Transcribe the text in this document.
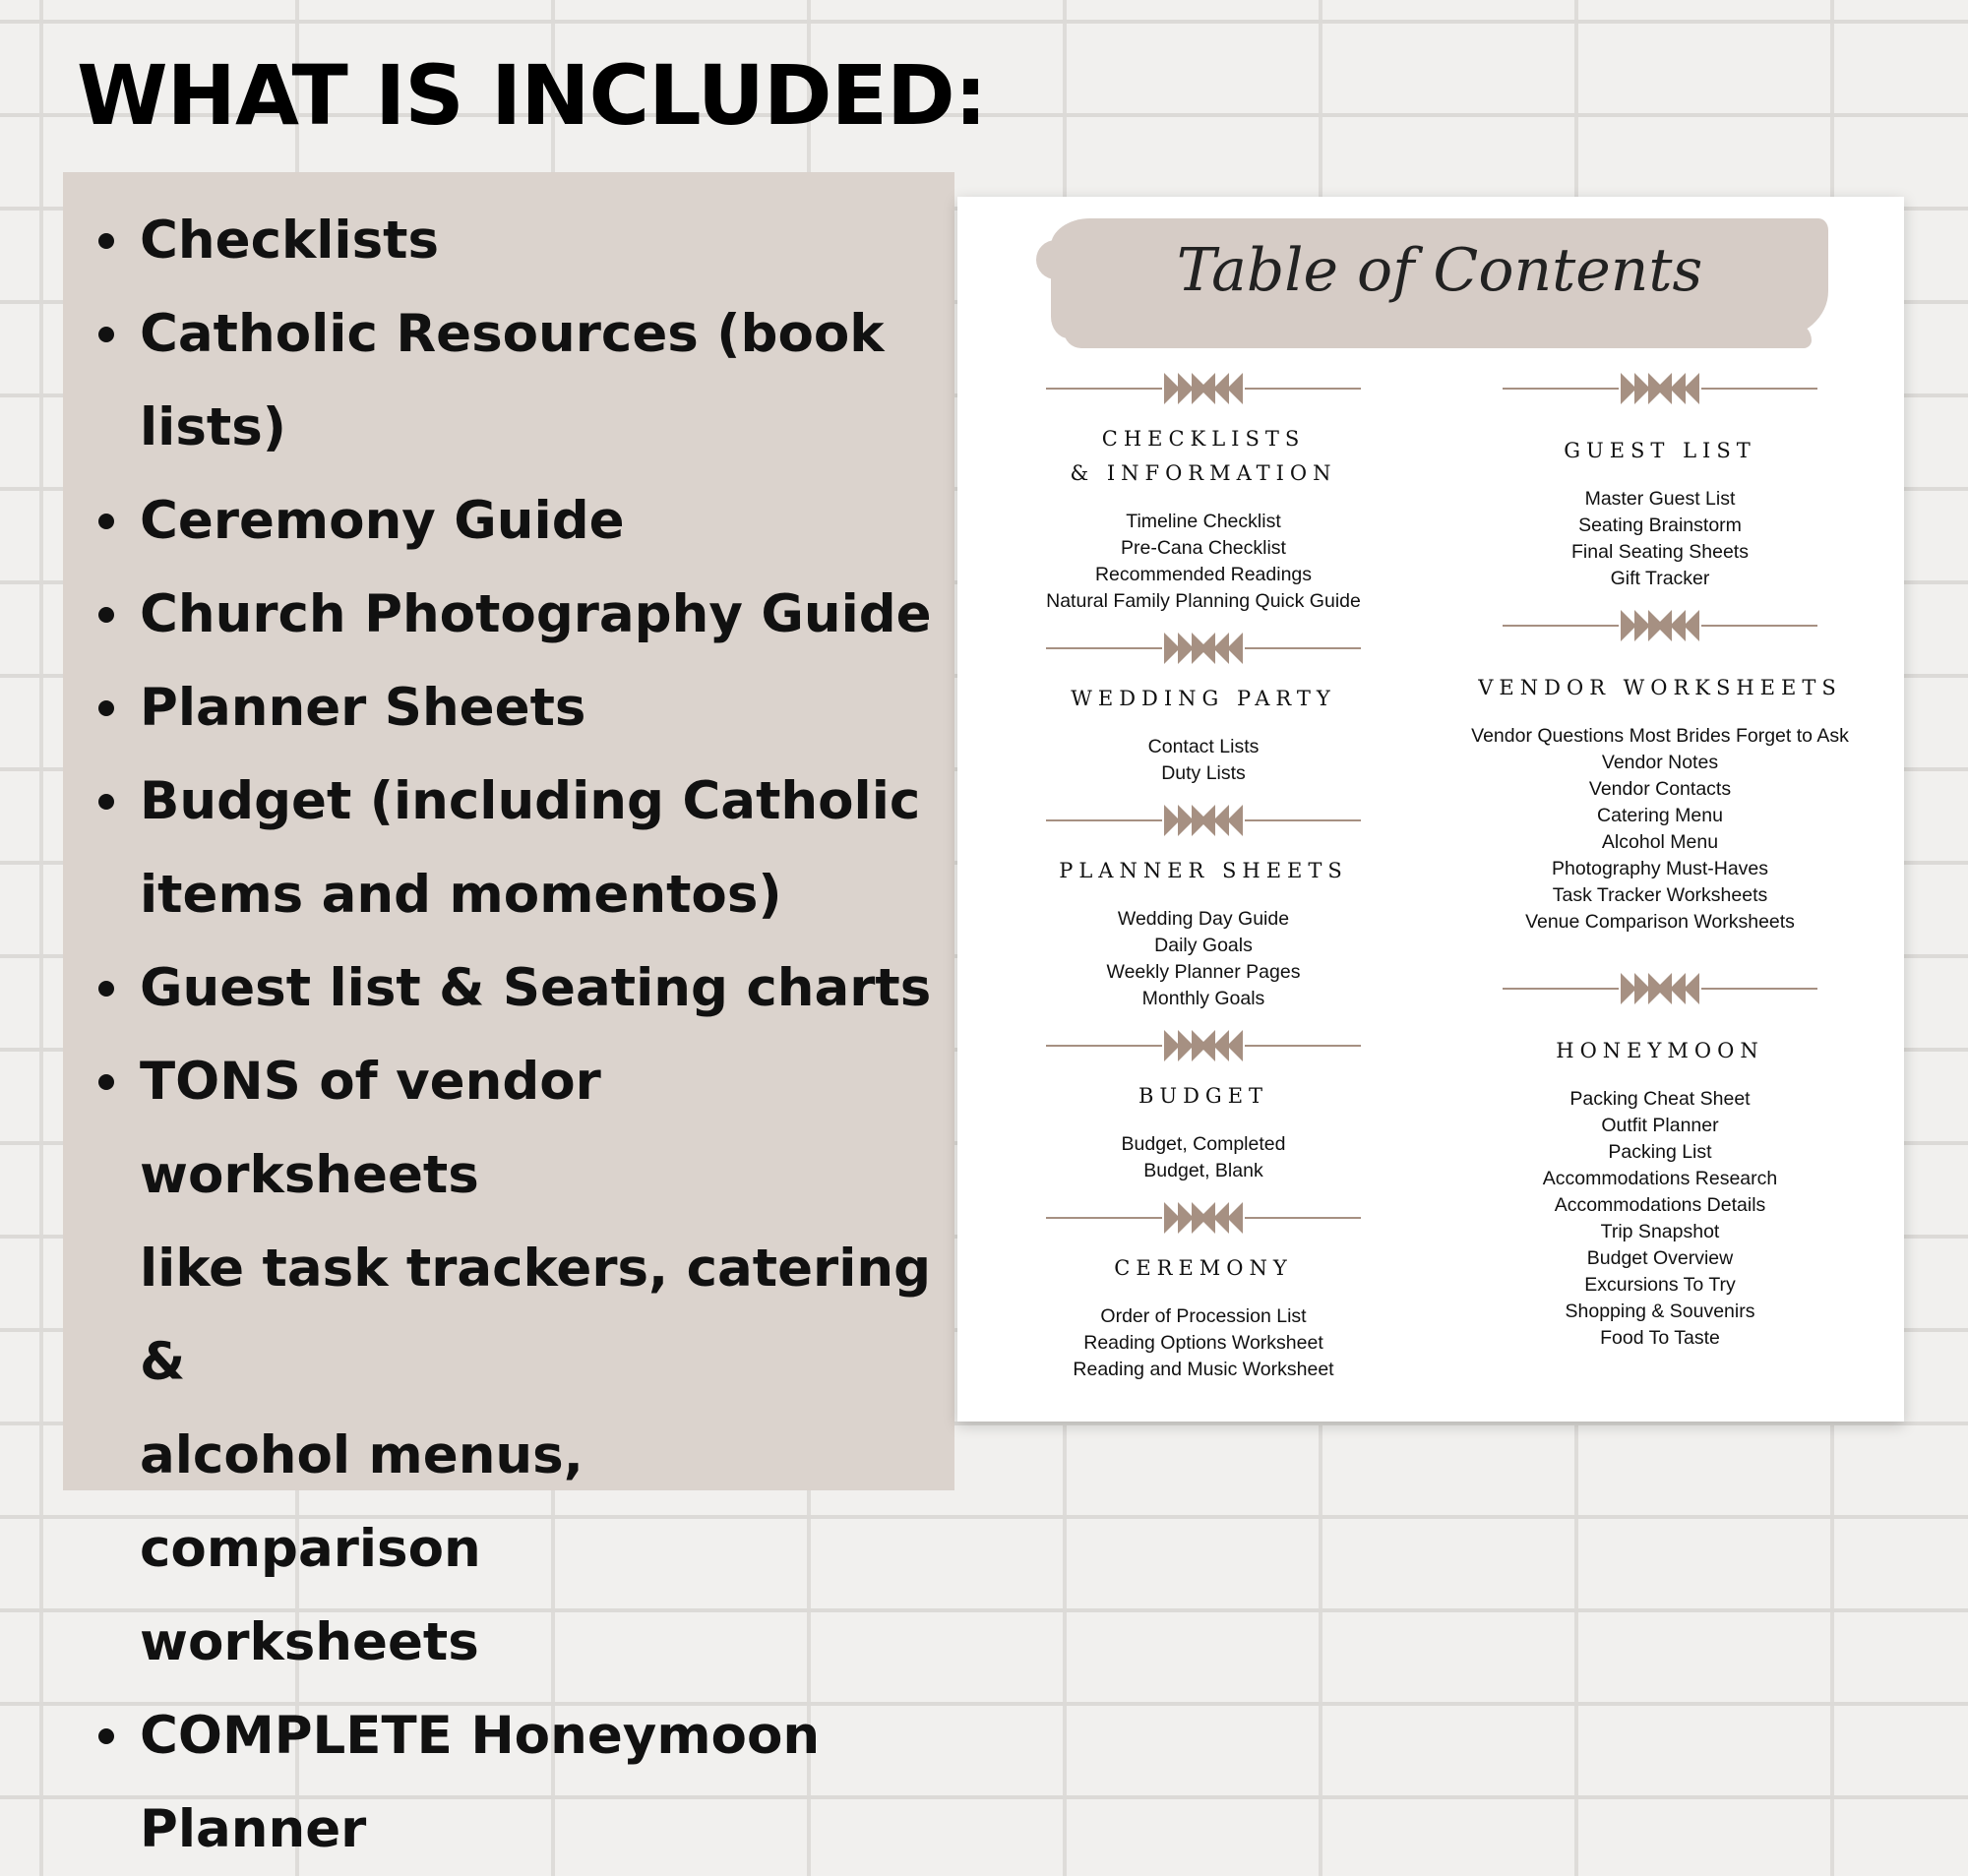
WHAT IS INCLUDED:
Checklists
Catholic Resources (book lists)
Ceremony Guide
Church Photography Guide
Planner Sheets
Budget (including Catholic
items and momentos)
Guest list & Seating charts
TONS of vendor worksheets
like task trackers, catering &
alcohol menus, comparison
worksheets
COMPLETE Honeymoon
Planner
Table of Contents
CHECKLISTS
& INFORMATION
Timeline Checklist
Pre-Cana Checklist
Recommended Readings
Natural Family Planning Quick Guide
WEDDING PARTY
Contact Lists
Duty Lists
PLANNER SHEETS
Wedding Day Guide
Daily Goals
Weekly Planner Pages
Monthly Goals
BUDGET
Budget, Completed
Budget, Blank
CEREMONY
Order of Procession List
Reading Options Worksheet
Reading and Music Worksheet
GUEST LIST
Master Guest List
Seating Brainstorm
Final Seating Sheets
Gift Tracker
VENDOR WORKSHEETS
Vendor Questions Most Brides Forget to Ask
Vendor Notes
Vendor Contacts
Catering Menu
Alcohol Menu
Photography Must-Haves
Task Tracker Worksheets
Venue Comparison Worksheets
HONEYMOON
Packing Cheat Sheet
Outfit Planner
Packing List
Accommodations Research
Accommodations Details
Trip Snapshot
Budget Overview
Excursions To Try
Shopping & Souvenirs
Food To Taste
